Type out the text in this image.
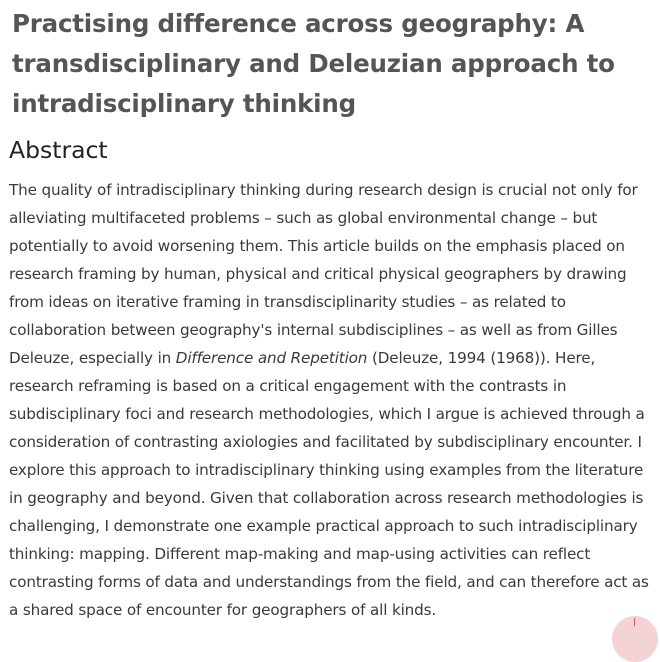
Practising difference across geography: A transdisciplinary and Deleuzian approach to intradisciplinary thinking
Abstract

The quality of intradisciplinary thinking during research design is crucial not only for alleviating multifaceted problems – such as global environmental change – but potentially to avoid worsening them. This article builds on the emphasis placed on research framing by human, physical and critical physical geographers by drawing from ideas on iterative framing in transdisciplinarity studies – as related to collaboration between geography's internal subdisciplines – as well as from Gilles Deleuze, especially in Difference and Repetition (Deleuze, 1994 (1968)). Here, research reframing is based on a critical engagement with the contrasts in subdisciplinary foci and research methodologies, which I argue is achieved through a consideration of contrasting axiologies and facilitated by subdisciplinary encounter. I explore this approach to intradisciplinary thinking using examples from the literature in geography and beyond. Given that collaboration across research methodologies is challenging, I demonstrate one example practical approach to such intradisciplinary thinking: mapping. Different map-making and map-using activities can reflect contrasting forms of data and understandings from the field, and can therefore act as a shared space of encounter for geographers of all kinds.
